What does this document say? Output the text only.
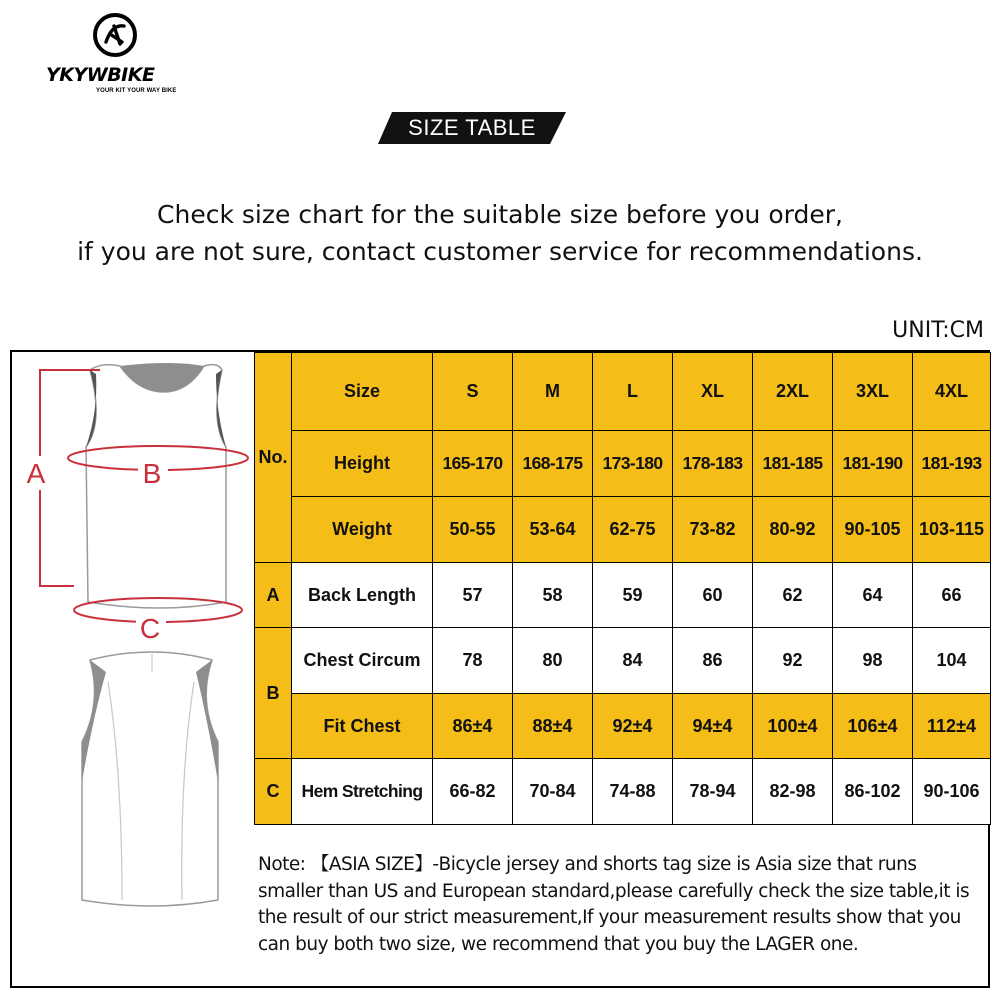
YKYWBIKE
YOUR KIT YOUR WAY BIKE
SIZE TABLE
Check size chart for the suitable size before you order,
if you are not sure, contact customer service for recommendations.
UNIT:CM
A	B
C
No.	Size	S	M	L	XL	2XL	3XL	4XL
	Height	165-170	168-175	173-180	178-183	181-185	181-190	181-193
	Weight	50-55	53-64	62-75	73-82	80-92	90-105	103-115
A	Back Length	57	58	59	60	62	64	66
B	Chest Circum	78	80	84	86	92	98	104
	Fit Chest	86±4	88±4	92±4	94±4	100±4	106±4	112±4
C	Hem Stretching	66-82	70-84	74-88	78-94	82-98	86-102	90-106
Note: 【ASIA SIZE】-Bicycle jersey and shorts tag size is Asia size that runs
smaller than US and European standard,please carefully check the size table,it is
the result of our strict measurement,If your measurement results show that you
can buy both two size, we recommend that you buy the LAGER one.
